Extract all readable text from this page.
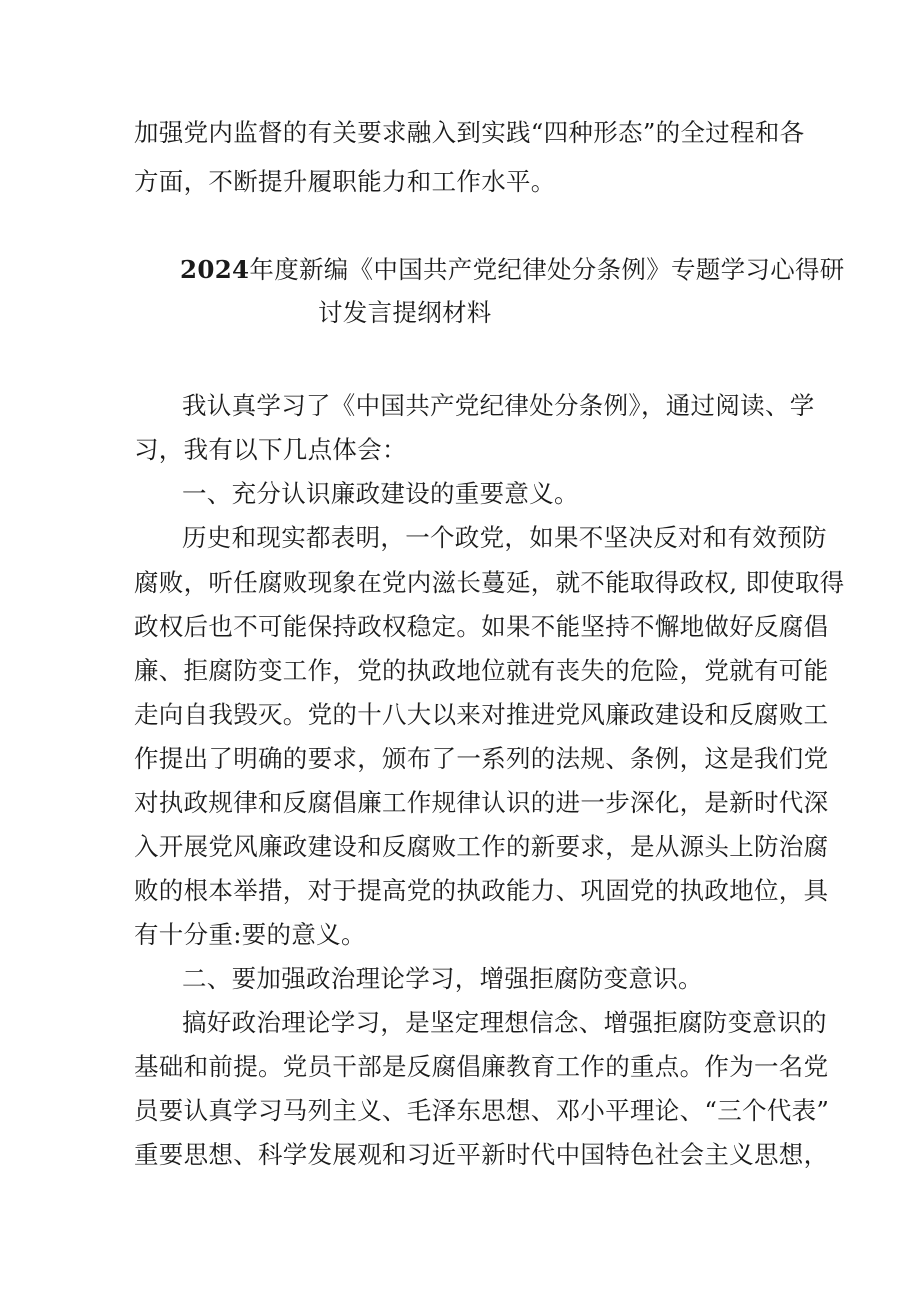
加强党内监督的有关要求融入到实践“四种形态”的全过程和各
方面，不断提升履职能力和工作水平。
2024年度新编《中国共产党纪律处分条例》专题学习心得研
讨发言提纲材料
我认真学习了《中国共产党纪律处分条例》，通过阅读、学
习，我有以下几点体会：
一、充分认识廉政建设的重要意义。
历史和现实都表明，一个政党，如果不坚决反对和有效预防
腐败，听任腐败现象在党内滋长蔓延，就不能取得政权, 即使取得
政权后也不可能保持政权稳定。如果不能坚持不懈地做好反腐倡
廉、拒腐防变工作，党的执政地位就有丧失的危险，党就有可能
走向自我毁灭。党的十八大以来对推进党风廉政建设和反腐败工
作提出了明确的要求，颁布了一系列的法规、条例，这是我们党
对执政规律和反腐倡廉工作规律认识的进一步深化，是新时代深
入开展党风廉政建设和反腐败工作的新要求，是从源头上防治腐
败的根本举措，对于提高党的执政能力、巩固党的执政地位，具
有十分重:要的意义。
二、要加强政治理论学习，增强拒腐防变意识。
搞好政治理论学习，是坚定理想信念、增强拒腐防变意识的
基础和前提。党员干部是反腐倡廉教育工作的重点。作为一名党
员要认真学习马列主义、毛泽东思想、邓小平理论、“三个代表”
重要思想、科学发展观和习近平新时代中国特色社会主义思想，
